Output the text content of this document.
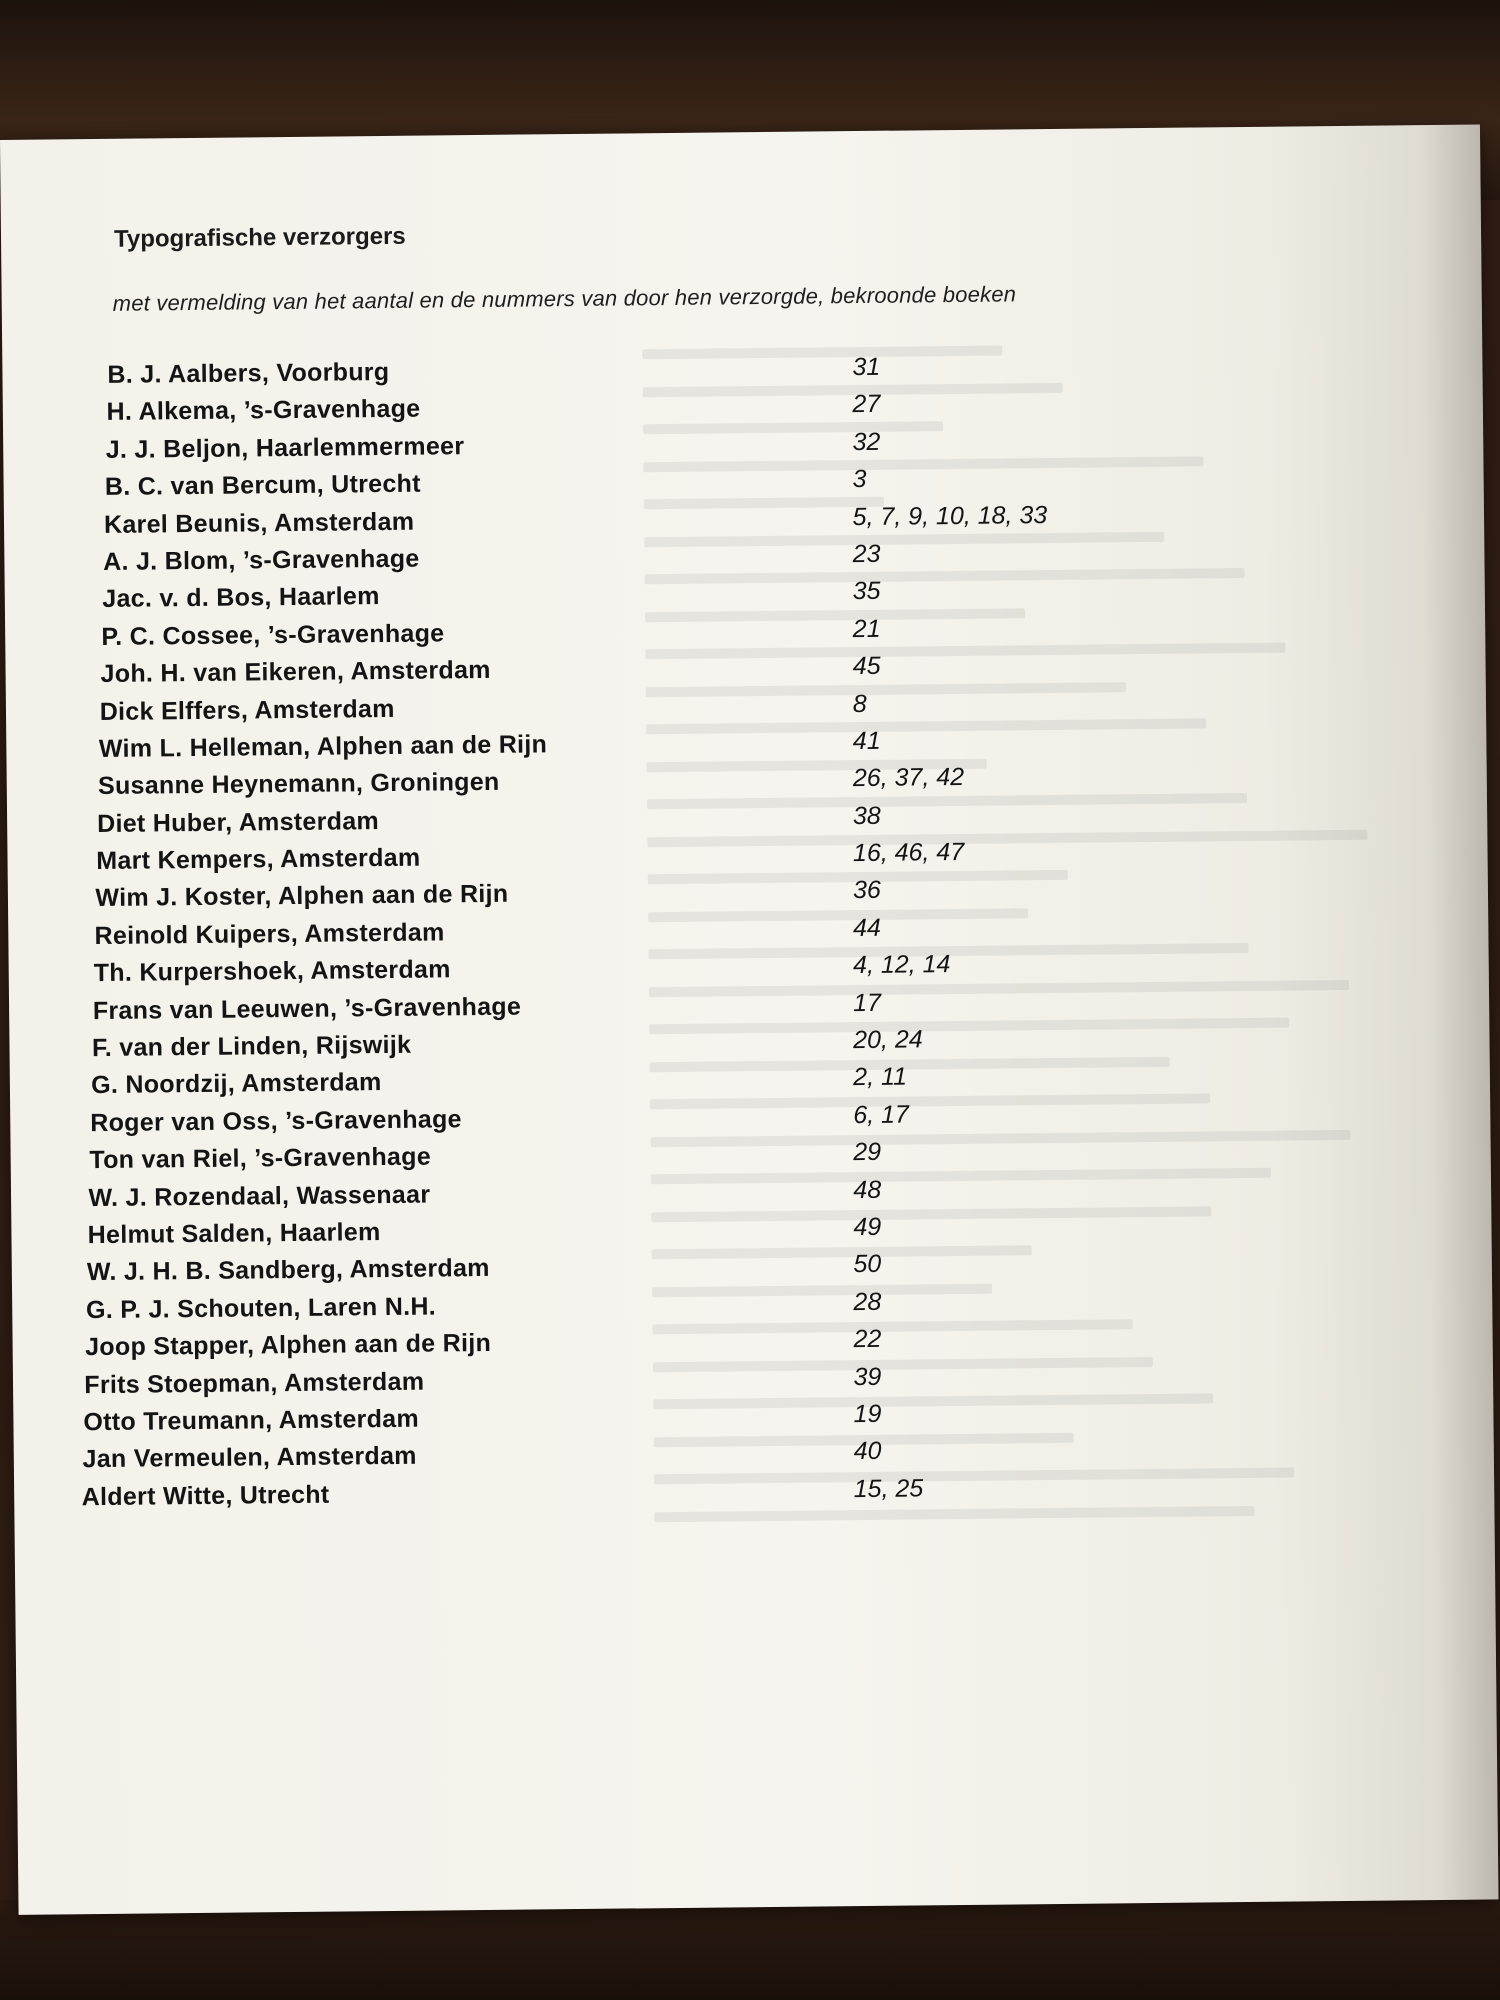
Typografische verzorgers

met vermelding van het aantal en de nummers van door hen verzorgde, bekroonde boeken

B. J. Aalbers, Voorburg	31
H. Alkema, ’s-Gravenhage	27
J. J. Beljon, Haarlemmermeer	32
B. C. van Bercum, Utrecht	3
Karel Beunis, Amsterdam	5, 7, 9, 10, 18, 33
A. J. Blom, ’s-Gravenhage	23
Jac. v. d. Bos, Haarlem	35
P. C. Cossee, ’s-Gravenhage	21
Joh. H. van Eikeren, Amsterdam	45
Dick Elffers, Amsterdam	8
Wim L. Helleman, Alphen aan de Rijn	41
Susanne Heynemann, Groningen	26, 37, 42
Diet Huber, Amsterdam	38
Mart Kempers, Amsterdam	16, 46, 47
Wim J. Koster, Alphen aan de Rijn	36
Reinold Kuipers, Amsterdam	44
Th. Kurpershoek, Amsterdam	4, 12, 14
Frans van Leeuwen, ’s-Gravenhage	17
F. van der Linden, Rijswijk	20, 24
G. Noordzij, Amsterdam	2, 11
Roger van Oss, ’s-Gravenhage	6, 17
Ton van Riel, ’s-Gravenhage	29
W. J. Rozendaal, Wassenaar	48
Helmut Salden, Haarlem	49
W. J. H. B. Sandberg, Amsterdam	50
G. P. J. Schouten, Laren N.H.	28
Joop Stapper, Alphen aan de Rijn	22
Frits Stoepman, Amsterdam	39
Otto Treumann, Amsterdam	19
Jan Vermeulen, Amsterdam	40
Aldert Witte, Utrecht	15, 25
